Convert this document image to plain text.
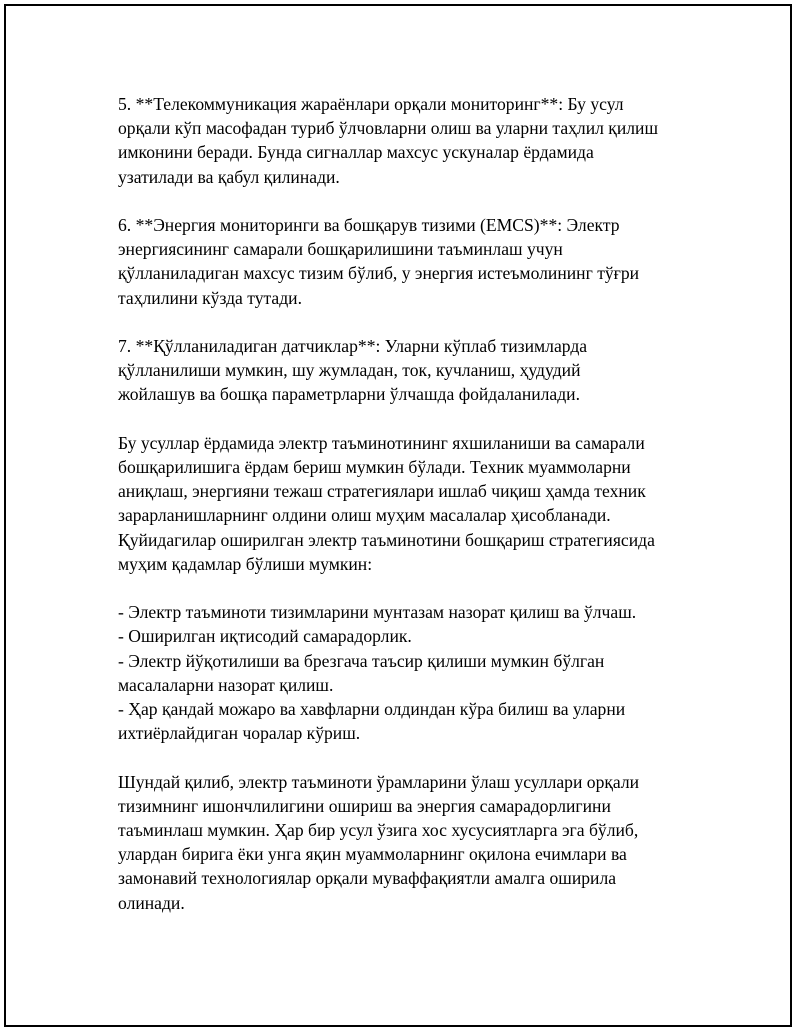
5. **Телекоммуникация жараёнлари орқали мониторинг**: Бу усул
орқали кўп масофадан туриб ўлчовларни олиш ва уларни таҳлил қилиш
имконини беради. Бунда сигналлар махсус ускуналар ёрдамида
узатилади ва қабул қилинади.
6. **Энергия мониторинги ва бошқарув тизими (EMCS)**: Электр
энергиясининг самарали бошқарилишини таъминлаш учун
қўлланиладиган махсус тизим бўлиб, у энергия истеъмолининг тўғри
таҳлилини кўзда тутади.
7. **Қўлланиладиган датчиклар**: Уларни кўплаб тизимларда
қўлланилиши мумкин, шу жумладан, ток, кучланиш, ҳудудий
жойлашув ва бошқа параметрларни ўлчашда фойдаланилади.
Бу усуллар ёрдамида электр таъминотининг яхшиланиши ва самарали
бошқарилишига ёрдам бериш мумкин бўлади. Техник муаммоларни
аниқлаш, энергияни тежаш стратегиялари ишлаб чиқиш ҳамда техник
зарарланишларнинг олдини олиш муҳим масалалар ҳисобланади.
Қуйидагилар оширилган электр таъминотини бошқариш стратегиясида
муҳим қадамлар бўлиши мумкин:
- Электр таъминоти тизимларини мунтазам назорат қилиш ва ўлчаш.
- Оширилган иқтисодий самарадорлик.
- Электр йўқотилиши ва брезгача таъсир қилиши мумкин бўлган
масалаларни назорат қилиш.
- Ҳар қандай можаро ва хавфларни олдиндан кўра билиш ва уларни
ихтиёрлайдиган чоралар кўриш.
Шундай қилиб, электр таъминоти ўрамларини ўлаш усуллари орқали
тизимнинг ишончлилигини ошириш ва энергия самарадорлигини
таъминлаш мумкин. Ҳар бир усул ўзига хос хусусиятларга эга бўлиб,
улардан бирига ёки унга яқин муаммоларнинг оқилона ечимлари ва
замонавий технологиялар орқали муваффақиятли амалга оширила
олинади.
